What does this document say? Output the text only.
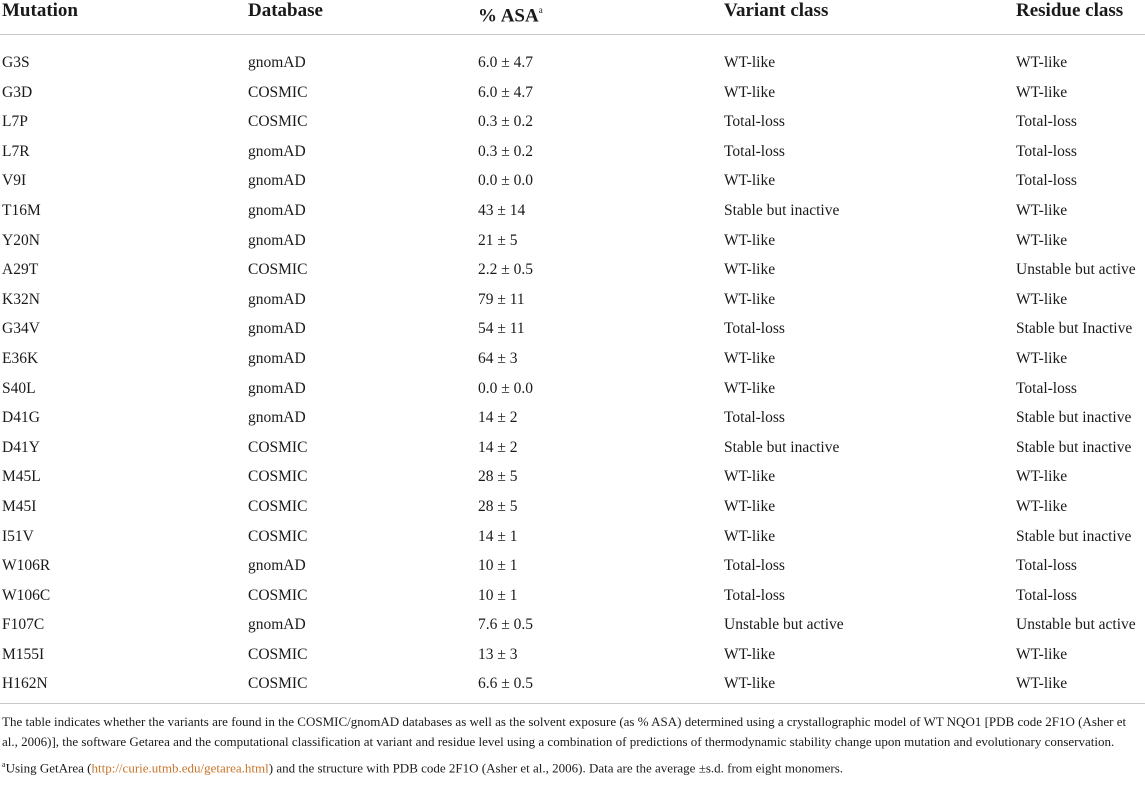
Mutation	Database	% ASA$^a$	Variant class	Residue class
G3S	gnomAD	6.0 ± 4.7	WT-like	WT-like
G3D	COSMIC	6.0 ± 4.7	WT-like	WT-like
L7P	COSMIC	0.3 ± 0.2	Total-loss	Total-loss
L7R	gnomAD	0.3 ± 0.2	Total-loss	Total-loss
V9I	gnomAD	0.0 ± 0.0	WT-like	Total-loss
T16M	gnomAD	43 ± 14	Stable but inactive	WT-like
Y20N	gnomAD	21 ± 5	WT-like	WT-like
A29T	COSMIC	2.2 ± 0.5	WT-like	Unstable but active
K32N	gnomAD	79 ± 11	WT-like	WT-like
G34V	gnomAD	54 ± 11	Total-loss	Stable but Inactive
E36K	gnomAD	64 ± 3	WT-like	WT-like
S40L	gnomAD	0.0 ± 0.0	WT-like	Total-loss
D41G	gnomAD	14 ± 2	Total-loss	Stable but inactive
D41Y	COSMIC	14 ± 2	Stable but inactive	Stable but inactive
M45L	COSMIC	28 ± 5	WT-like	WT-like
M45I	COSMIC	28 ± 5	WT-like	WT-like
I51V	COSMIC	14 ± 1	WT-like	Stable but inactive
W106R	gnomAD	10 ± 1	Total-loss	Total-loss
W106C	COSMIC	10 ± 1	Total-loss	Total-loss
F107C	gnomAD	7.6 ± 0.5	Unstable but active	Unstable but active
M155I	COSMIC	13 ± 3	WT-like	WT-like
H162N	COSMIC	6.6 ± 0.5	WT-like	WT-like

The table indicates whether the variants are found in the COSMIC/gnomAD databases as well as the solvent exposure (as % ASA) determined using a crystallographic model of WT NQO1 [PDB code 2F1O (Asher et al., 2006)], the software Getarea and the computational classification at variant and residue level using a combination of predictions of thermodynamic stability change upon mutation and evolutionary conservation.

$^a$Using GetArea (http://curie.utmb.edu/getarea.html) and the structure with PDB code 2F1O (Asher et al., 2006). Data are the average ±s.d. from eight monomers.
